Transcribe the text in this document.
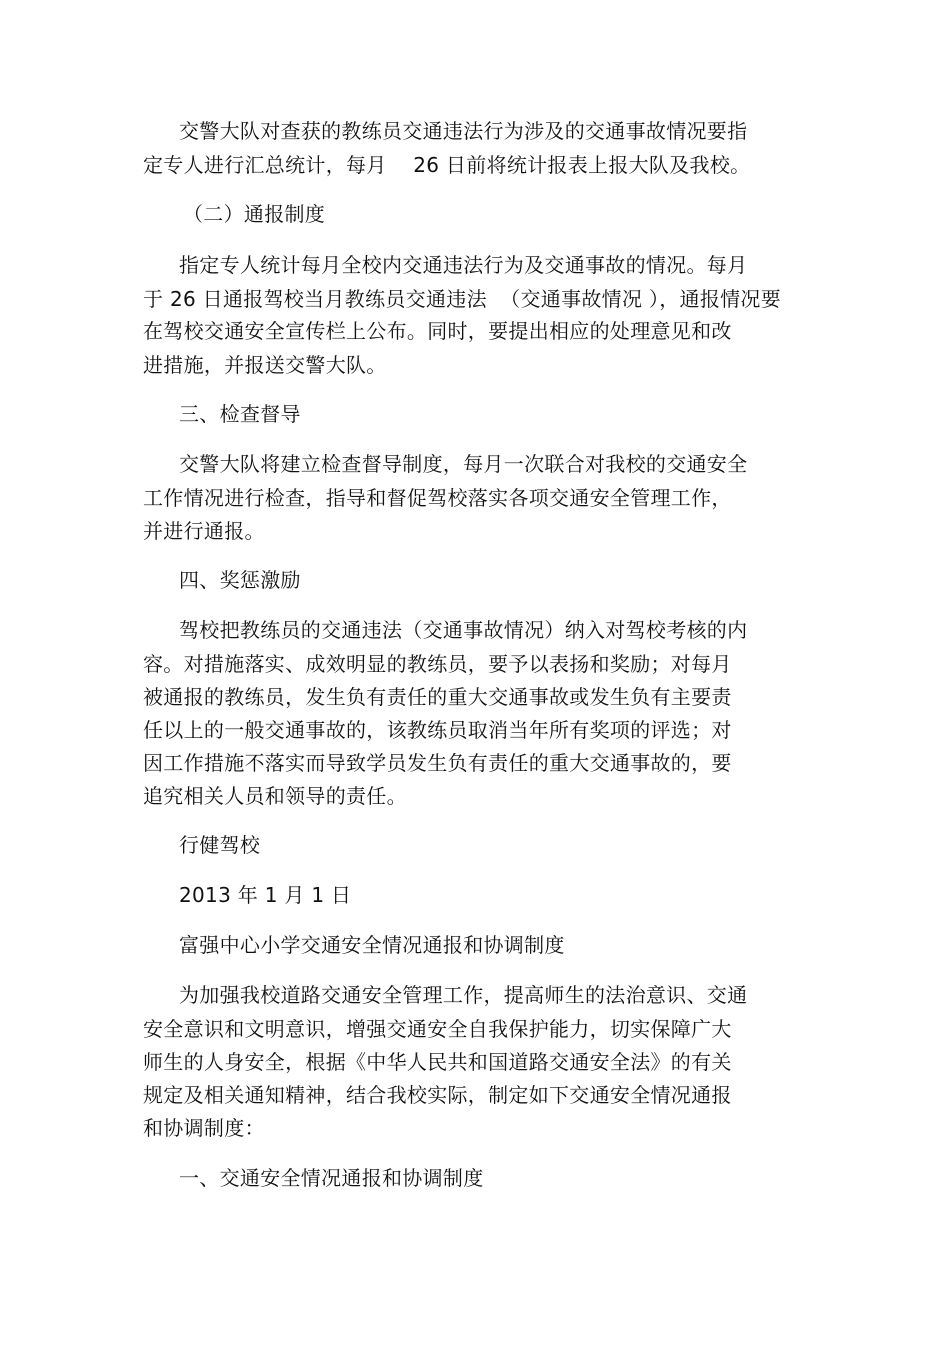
交警大队对查获的教练员交通违法行为涉及的交通事故情况要指
定专人进行汇总统计，每月    26 日前将统计报表上报大队及我校。
（二）通报制度
指定专人统计每月全校内交通违法行为及交通事故的情况。每月
于 26 日通报驾校当月教练员交通违法  （交通事故情况 ），通报情况要
在驾校交通安全宣传栏上公布。同时，要提出相应的处理意见和改
进措施，并报送交警大队。
三、检查督导
交警大队将建立检查督导制度，每月一次联合对我校的交通安全
工作情况进行检查，指导和督促驾校落实各项交通安全管理工作，
并进行通报。
四、奖惩激励
驾校把教练员的交通违法（交通事故情况）纳入对驾校考核的内
容。对措施落实、成效明显的教练员，要予以表扬和奖励；对每月
被通报的教练员，发生负有责任的重大交通事故或发生负有主要责
任以上的一般交通事故的，该教练员取消当年所有奖项的评选；对
因工作措施不落实而导致学员发生负有责任的重大交通事故的，要
追究相关人员和领导的责任。
行健驾校
2013 年 1 月 1 日
富强中心小学交通安全情况通报和协调制度
为加强我校道路交通安全管理工作，提高师生的法治意识、交通
安全意识和文明意识，增强交通安全自我保护能力，切实保障广大
师生的人身安全，根据《中华人民共和国道路交通安全法》的有关
规定及相关通知精神，结合我校实际，制定如下交通安全情况通报
和协调制度：
一、交通安全情况通报和协调制度
